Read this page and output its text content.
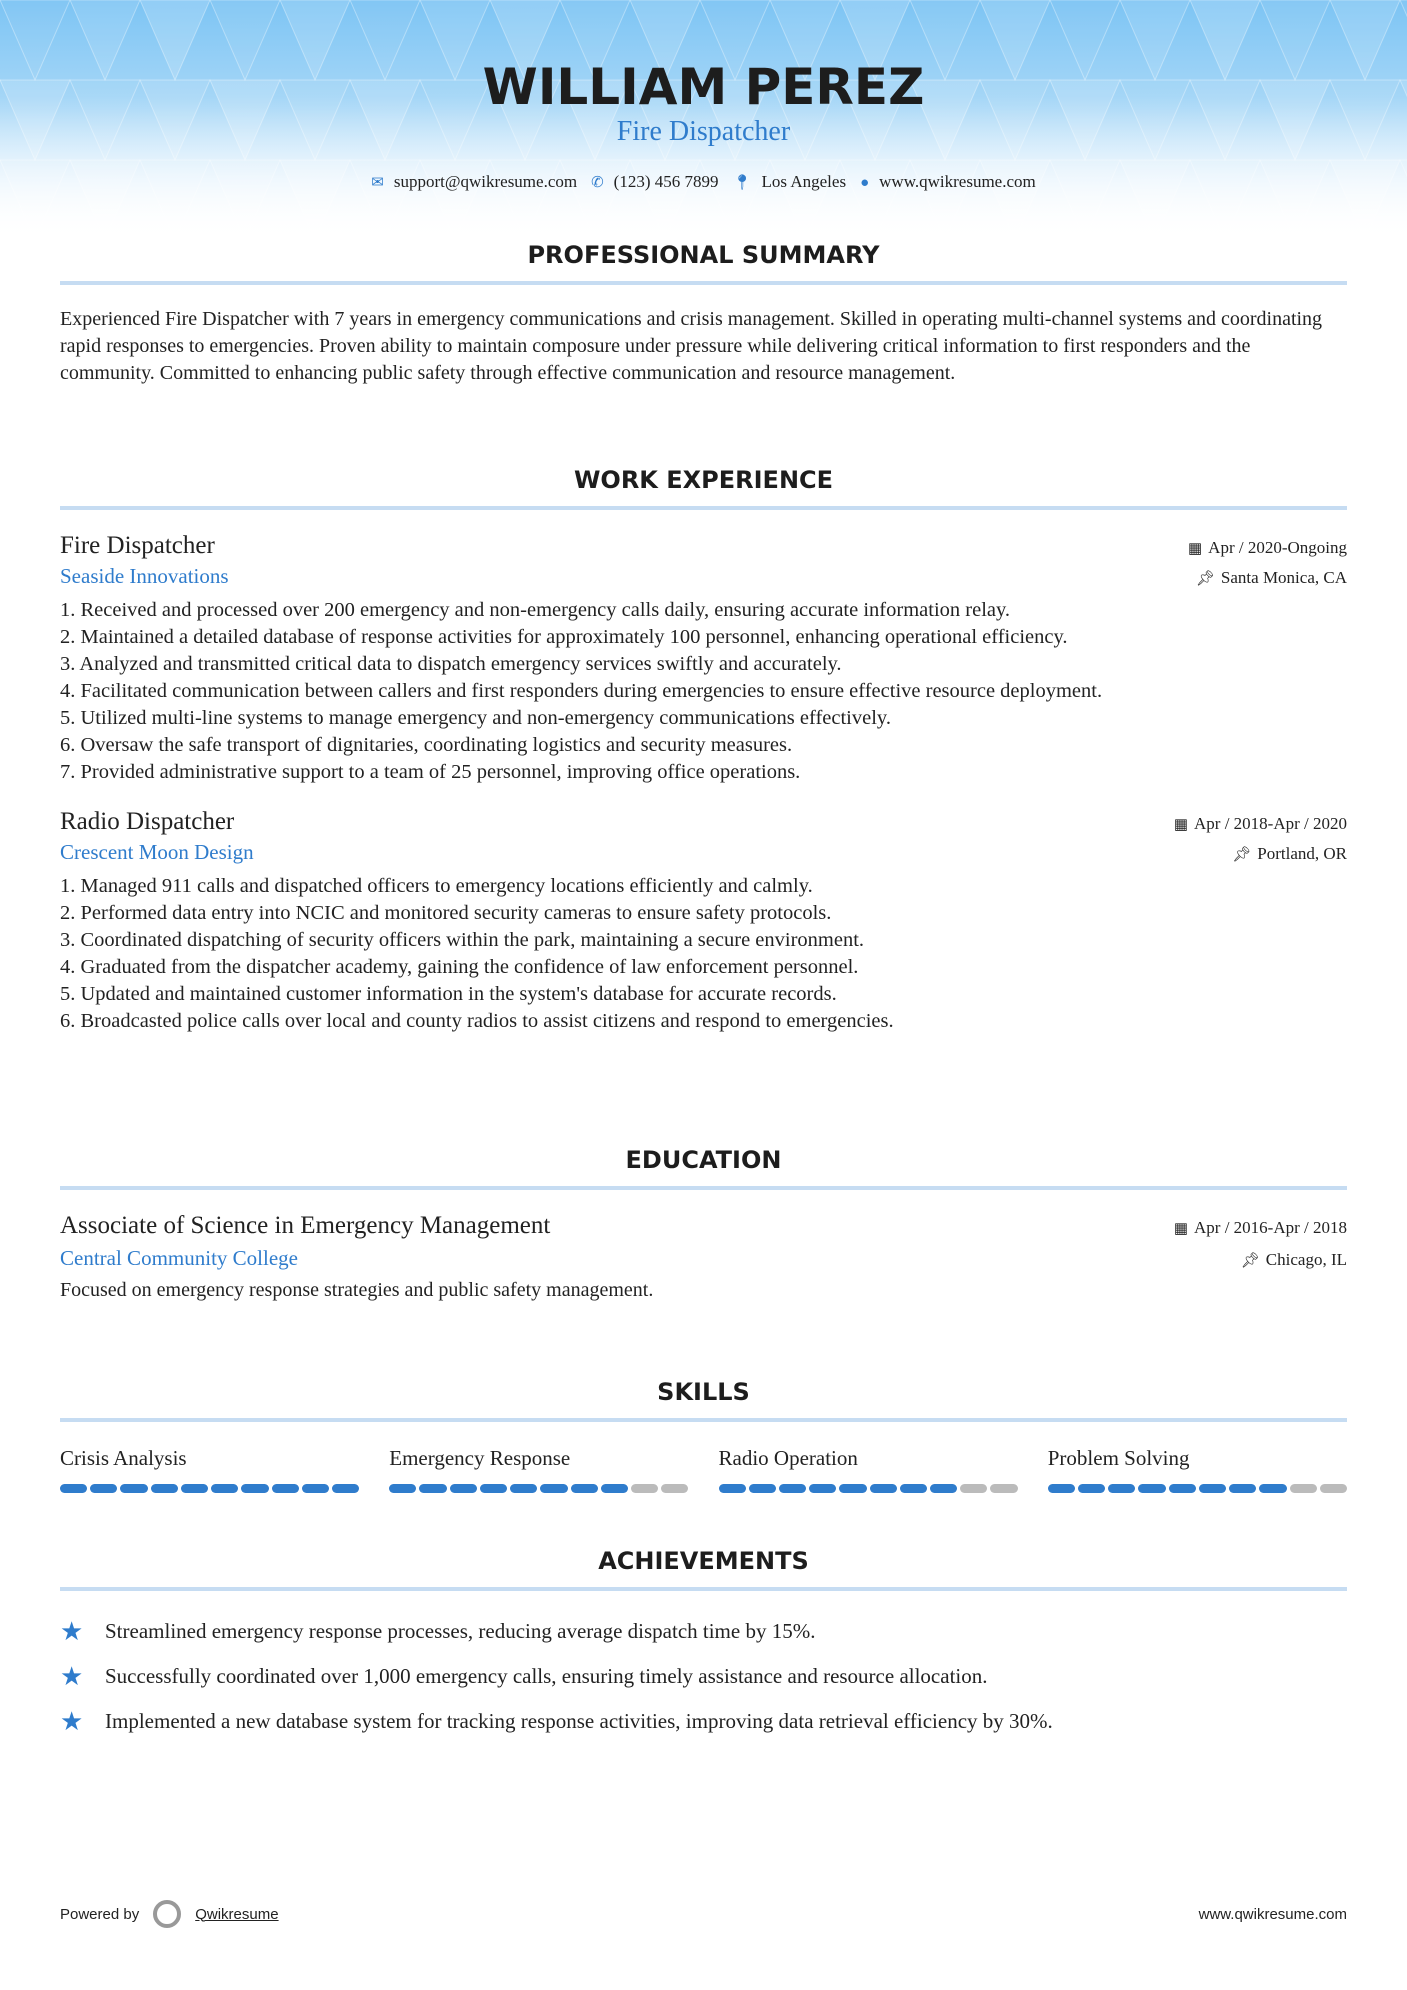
WILLIAM PEREZ
Fire Dispatcher
✉ support@qwikresume.com ✆ (123) 456 7899 📍︎ Los Angeles ● www.qwikresume.com
PROFESSIONAL SUMMARY

Experienced Fire Dispatcher with 7 years in emergency communications and crisis management. Skilled in operating multi-channel systems and coordinating rapid responses to emergencies. Proven ability to maintain composure under pressure while delivering critical information to first responders and the community. Committed to enhancing public safety through effective communication and resource management.

WORK EXPERIENCE
Fire Dispatcher	▦ Apr / 2020-Ongoing
Seaside Innovations	📌︎ Santa Monica, CA
1. Received and processed over 200 emergency and non-emergency calls daily, ensuring accurate information relay.
2. Maintained a detailed database of response activities for approximately 100 personnel, enhancing operational efficiency.
3. Analyzed and transmitted critical data to dispatch emergency services swiftly and accurately.
4. Facilitated communication between callers and first responders during emergencies to ensure effective resource deployment.
5. Utilized multi-line systems to manage emergency and non-emergency communications effectively.
6. Oversaw the safe transport of dignitaries, coordinating logistics and security measures.
7. Provided administrative support to a team of 25 personnel, improving office operations.
Radio Dispatcher	▦ Apr / 2018-Apr / 2020
Crescent Moon Design	📌︎ Portland, OR
1. Managed 911 calls and dispatched officers to emergency locations efficiently and calmly.
2. Performed data entry into NCIC and monitored security cameras to ensure safety protocols.
3. Coordinated dispatching of security officers within the park, maintaining a secure environment.
4. Graduated from the dispatcher academy, gaining the confidence of law enforcement personnel.
5. Updated and maintained customer information in the system's database for accurate records.
6. Broadcasted police calls over local and county radios to assist citizens and respond to emergencies.
EDUCATION
Associate of Science in Emergency Management	▦ Apr / 2016-Apr / 2018
Central Community College	📌︎ Chicago, IL

Focused on emergency response strategies and public safety management.

SKILLS
Crisis Analysis	Emergency Response	Radio Operation	Problem Solving
ACHIEVEMENTS
★	Streamlined emergency response processes, reducing average dispatch time by 15%.
★	Successfully coordinated over 1,000 emergency calls, ensuring timely assistance and resource allocation.
★	Implemented a new database system for tracking response activities, improving data retrieval efficiency by 30%.
Powered by	Qwikresume	www.qwikresume.com
